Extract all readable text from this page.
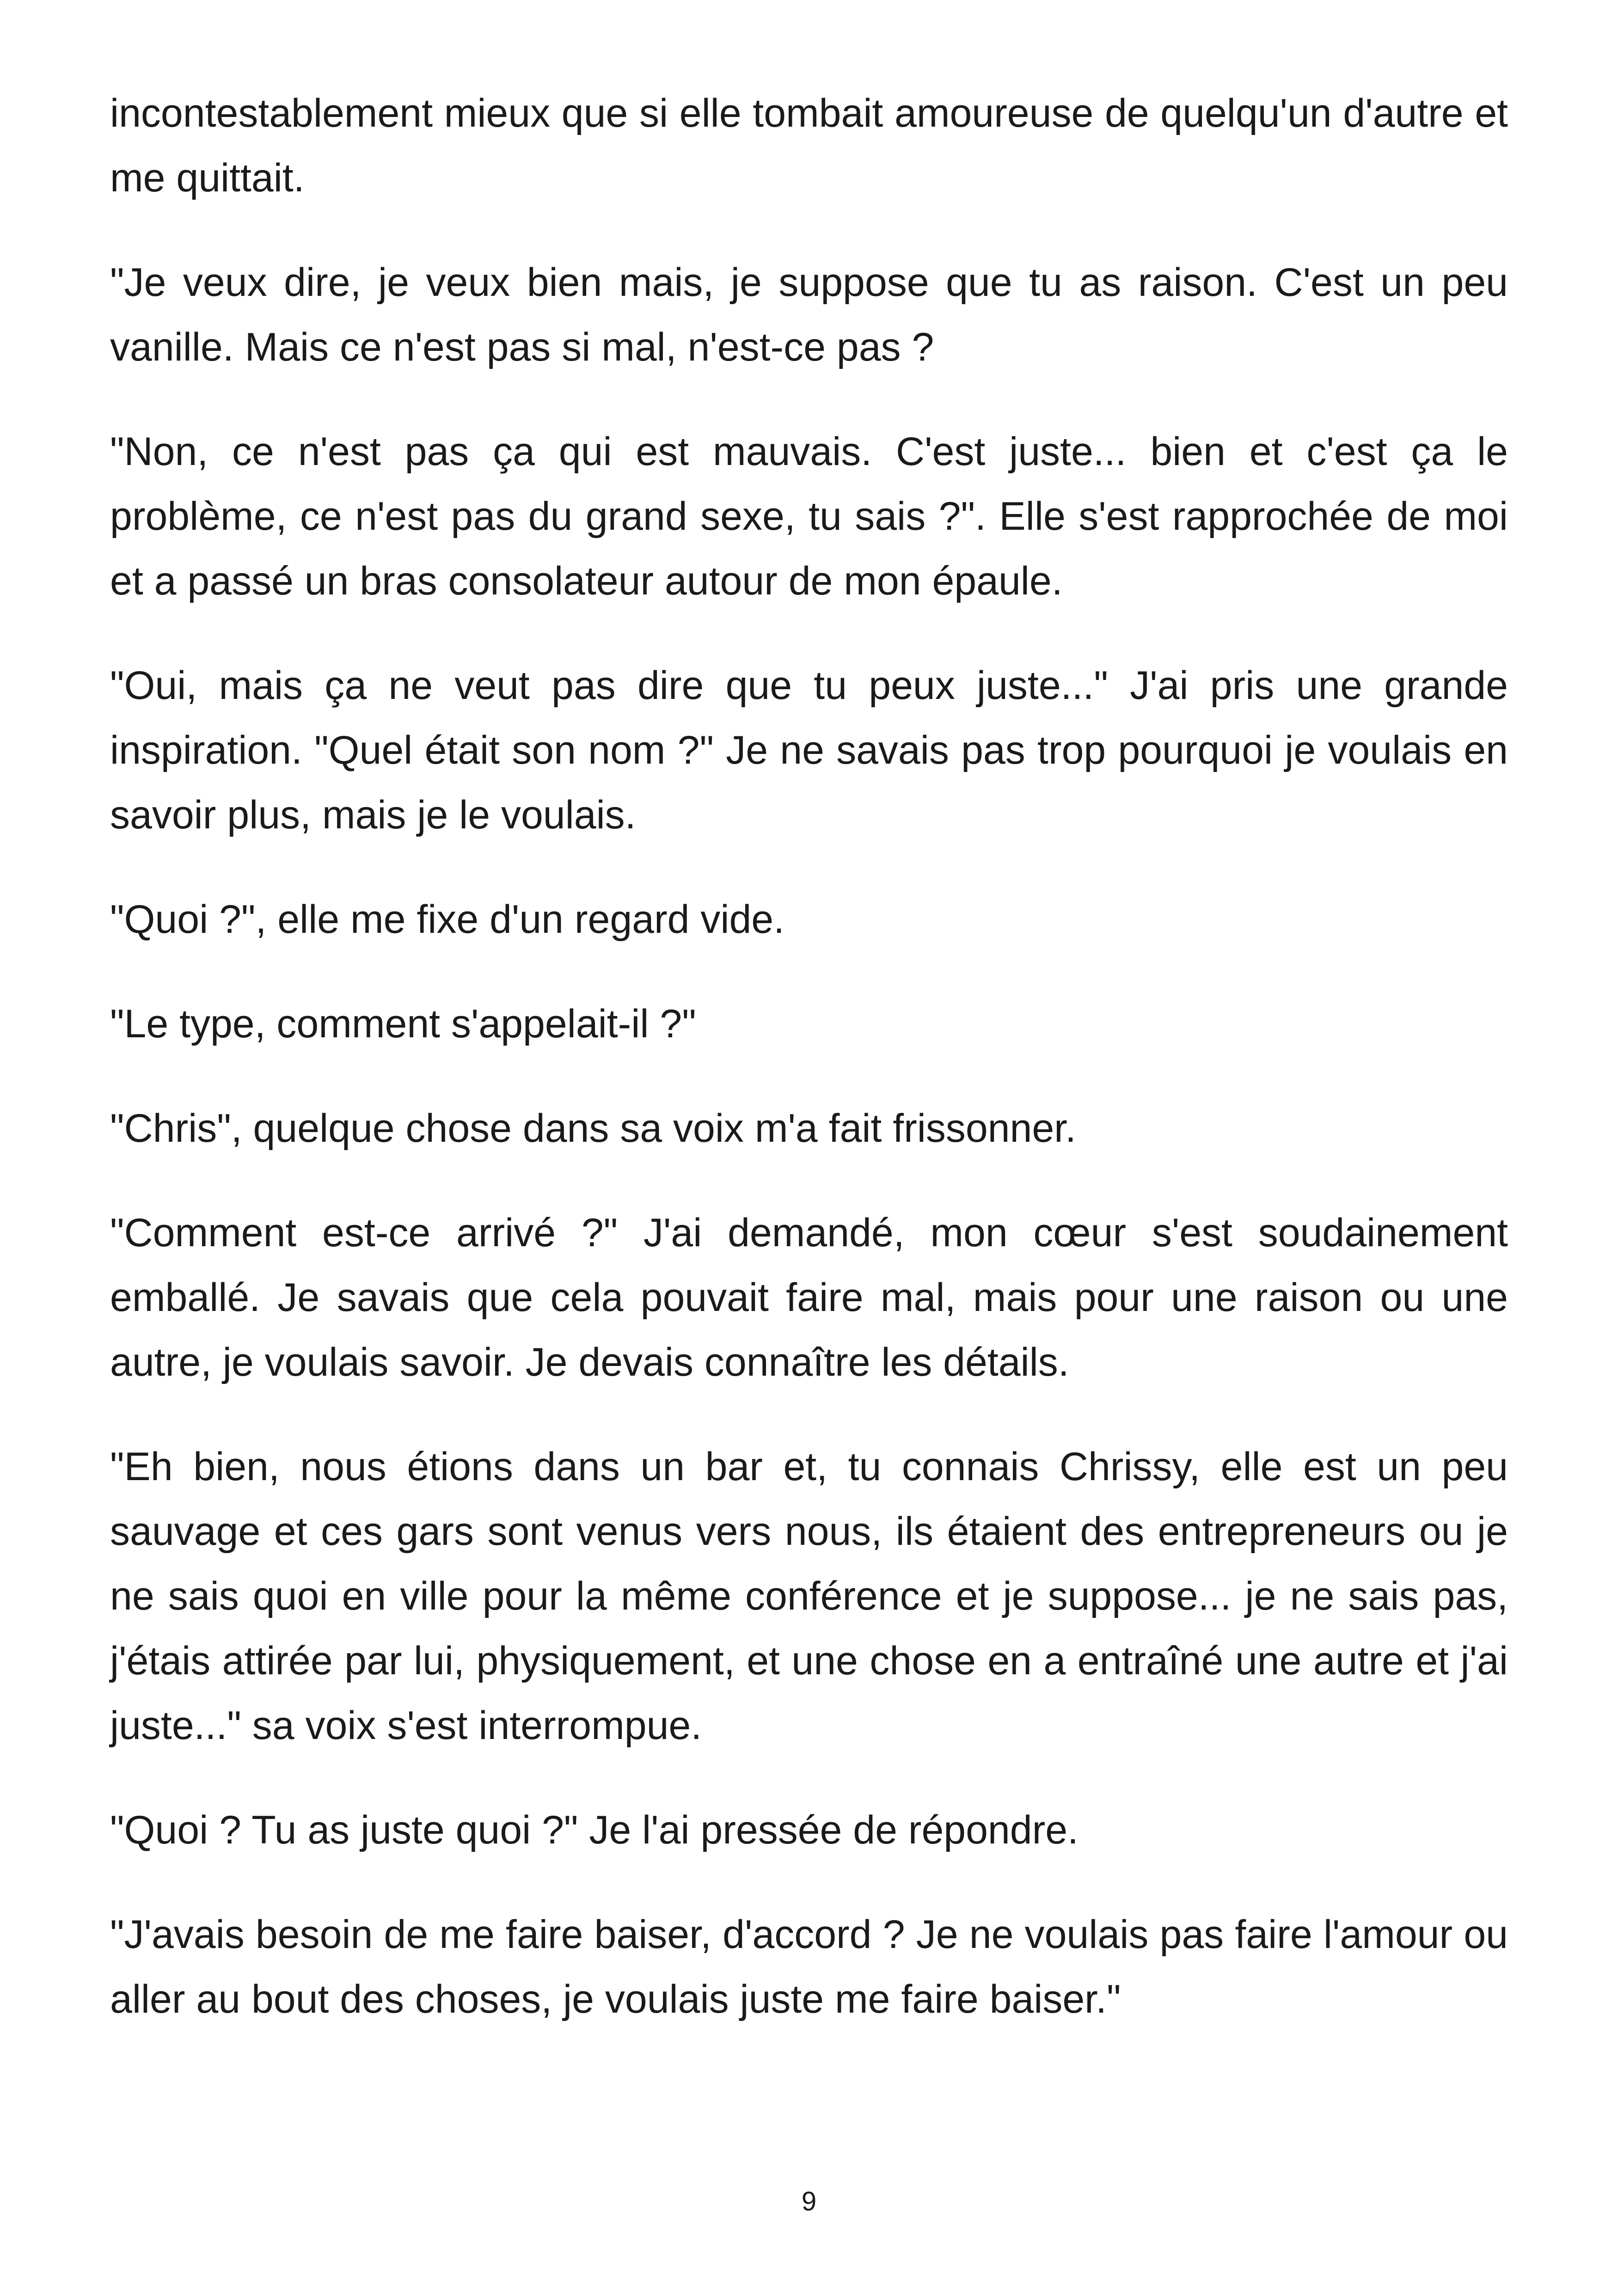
incontestablement mieux que si elle tombait amoureuse de quelqu'un d'autre et me quittait.

"Je veux dire, je veux bien mais, je suppose que tu as raison. C'est un peu vanille. Mais ce n'est pas si mal, n'est-ce pas ?

"Non, ce n'est pas ça qui est mauvais. C'est juste... bien et c'est ça le problème, ce n'est pas du grand sexe, tu sais ?". Elle s'est rapprochée de moi et a passé un bras consolateur autour de mon épaule.

"Oui, mais ça ne veut pas dire que tu peux juste..." J'ai pris une grande inspiration. "Quel était son nom ?" Je ne savais pas trop pourquoi je voulais en savoir plus, mais je le voulais.

"Quoi ?", elle me fixe d'un regard vide.

"Le type, comment s'appelait-il ?"

"Chris", quelque chose dans sa voix m'a fait frissonner.

"Comment est-ce arrivé ?" J'ai demandé, mon cœur s'est soudainement emballé. Je savais que cela pouvait faire mal, mais pour une raison ou une autre, je voulais savoir. Je devais connaître les détails.

"Eh bien, nous étions dans un bar et, tu connais Chrissy, elle est un peu sauvage et ces gars sont venus vers nous, ils étaient des entrepreneurs ou je ne sais quoi en ville pour la même conférence et je suppose... je ne sais pas, j'étais attirée par lui, physiquement, et une chose en a entraîné une autre et j'ai juste..." sa voix s'est interrompue.

"Quoi ? Tu as juste quoi ?" Je l'ai pressée de répondre.

"J'avais besoin de me faire baiser, d'accord ? Je ne voulais pas faire l'amour ou aller au bout des choses, je voulais juste me faire baiser."

9
